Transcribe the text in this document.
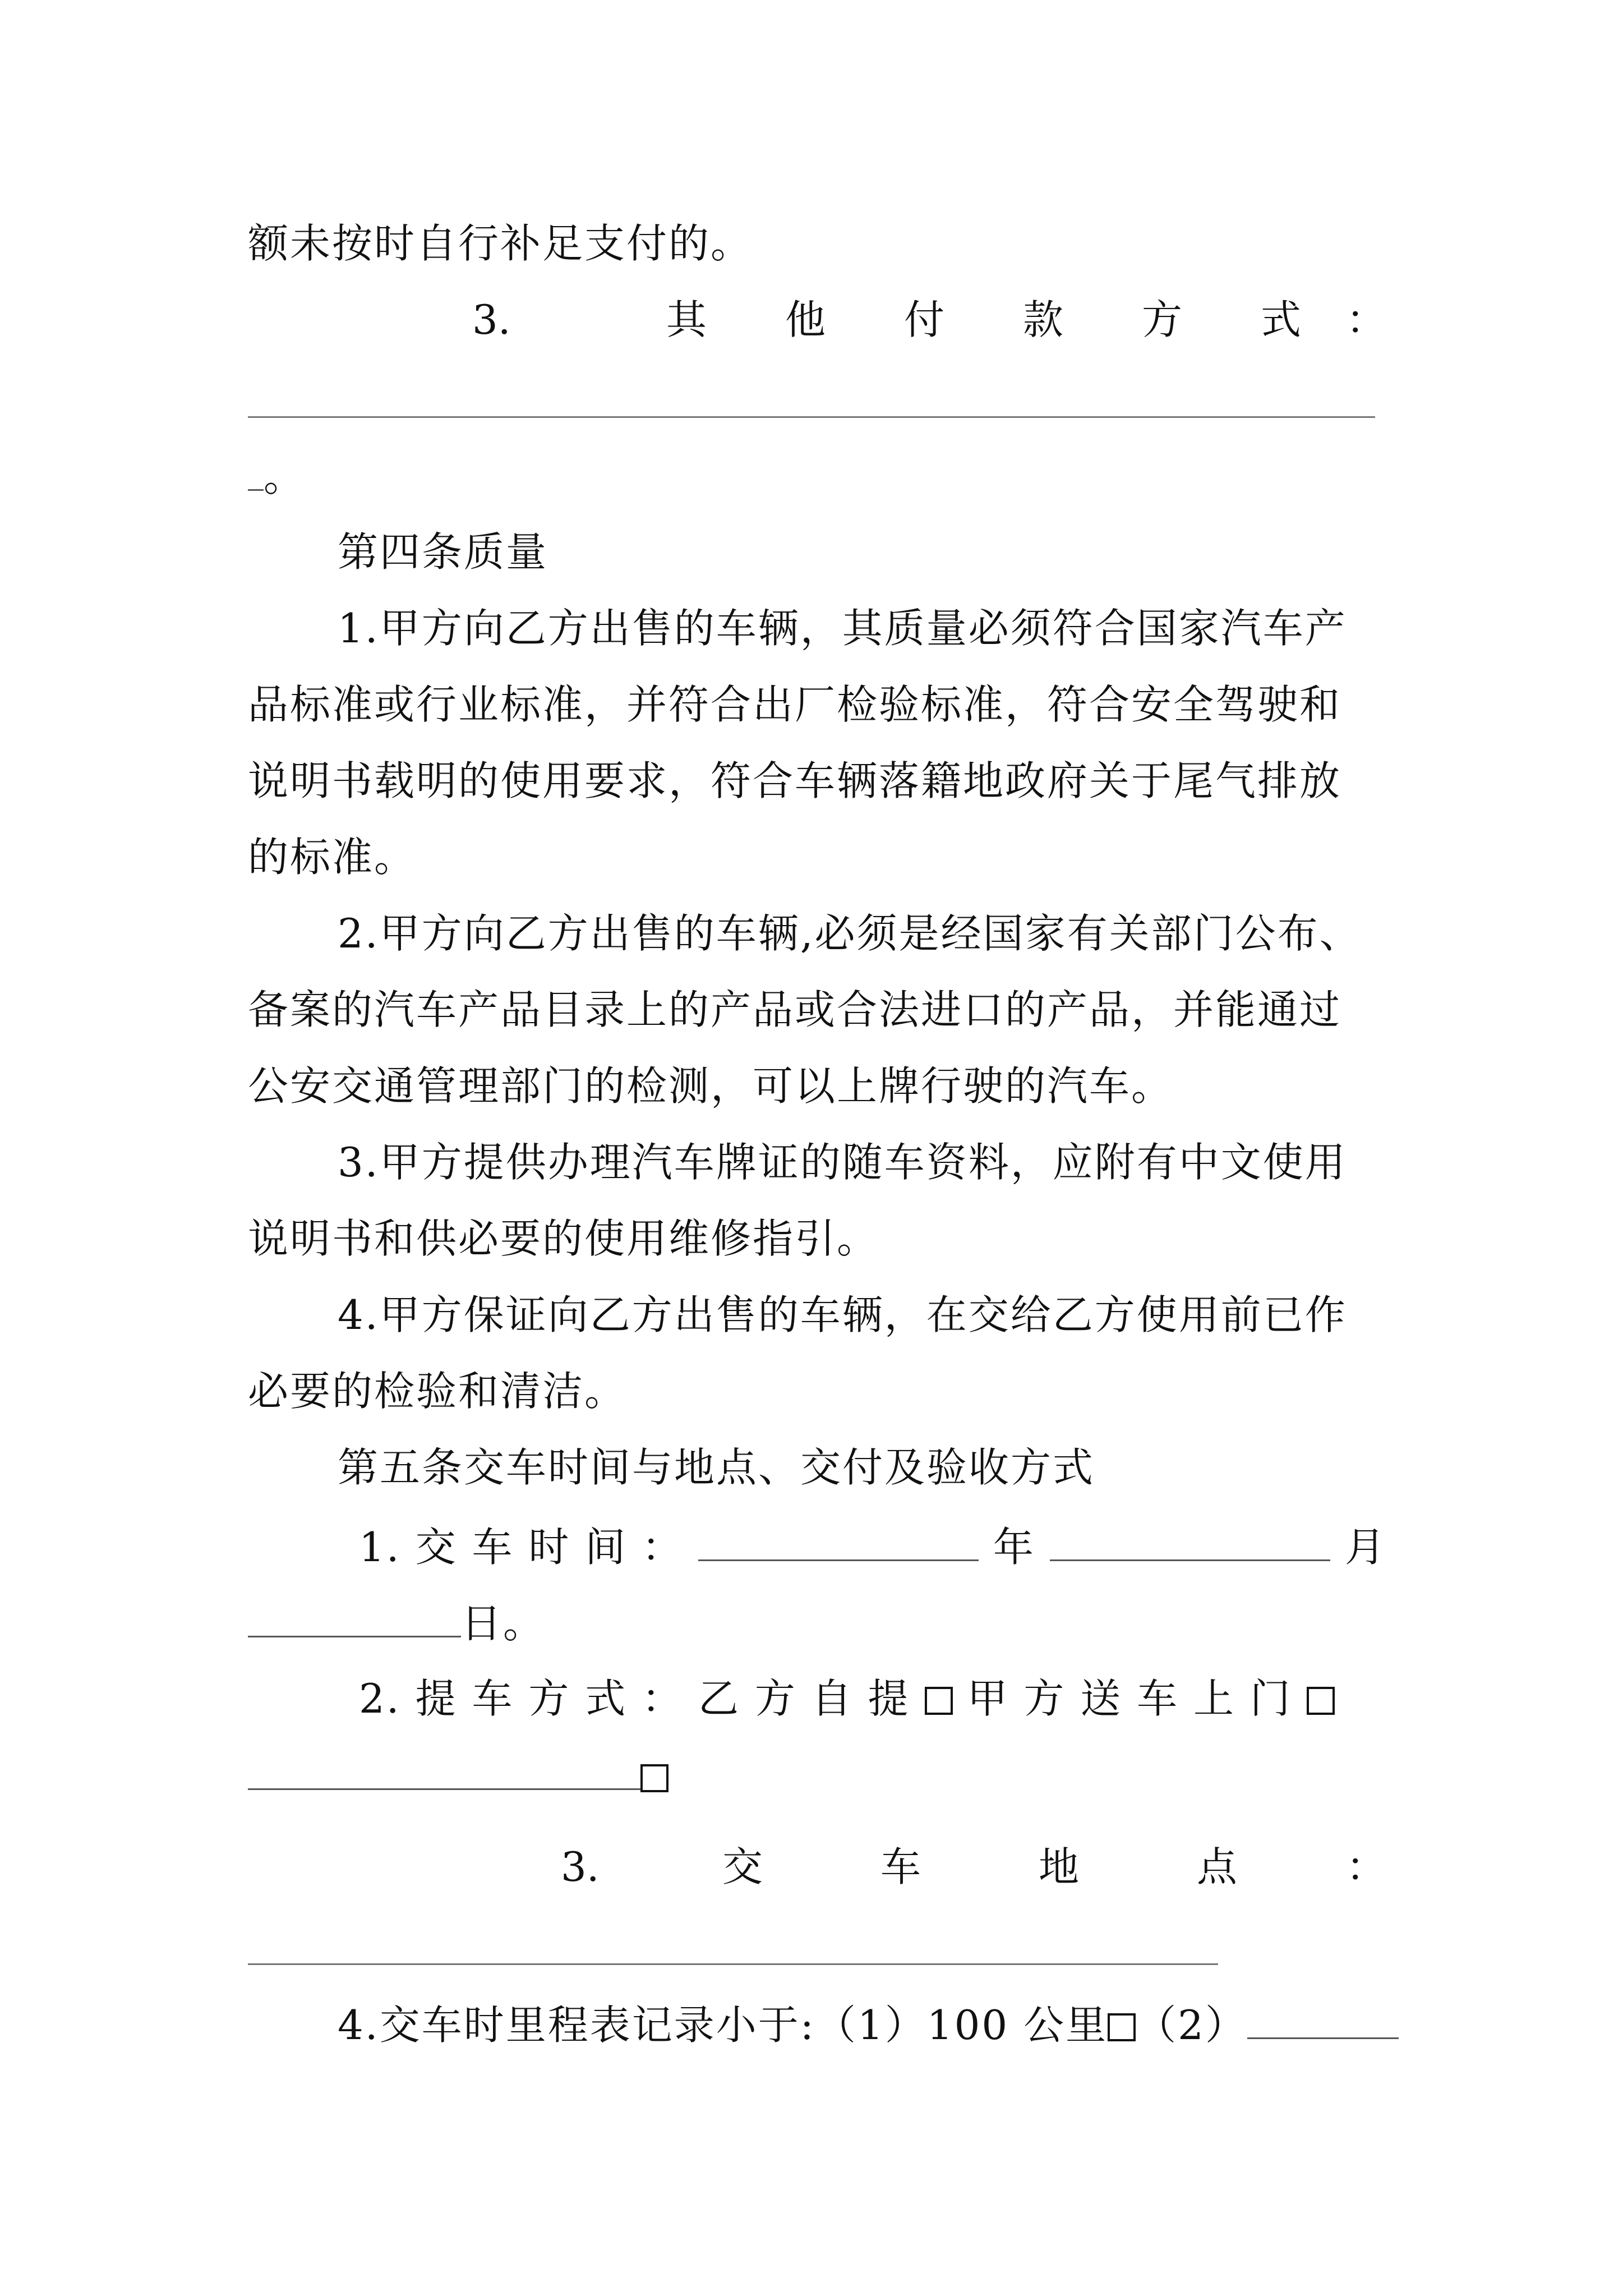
额未按时自行补足支付的。
3.	其 他 付 款 方 式 ：
。
第四条质量
1.甲方向乙方出售的车辆，其质量必须符合国家汽车产
品标准或行业标准，并符合出厂检验标准，符合安全驾驶和
说明书载明的使用要求，符合车辆落籍地政府关于尾气排放
的标准。
2.甲方向乙方出售的车辆,必须是经国家有关部门公布、
备案的汽车产品目录上的产品或合法进口的产品，并能通过
公安交通管理部门的检测，可以上牌行驶的汽车。
3.甲方提供办理汽车牌证的随车资料，应附有中文使用
说明书和供必要的使用维修指引。
4.甲方保证向乙方出售的车辆，在交给乙方使用前已作
必要的检验和清洁。
第五条交车时间与地点、交付及验收方式
1. 交 车 时 间 ：	年	月
日。
2. 提 车 方 式 ： 乙 方 自 提 甲 方 送 车 上 门
3.	交	车	地	点	：
4.交车时里程表记录小于:（1）100 公里 （2）
